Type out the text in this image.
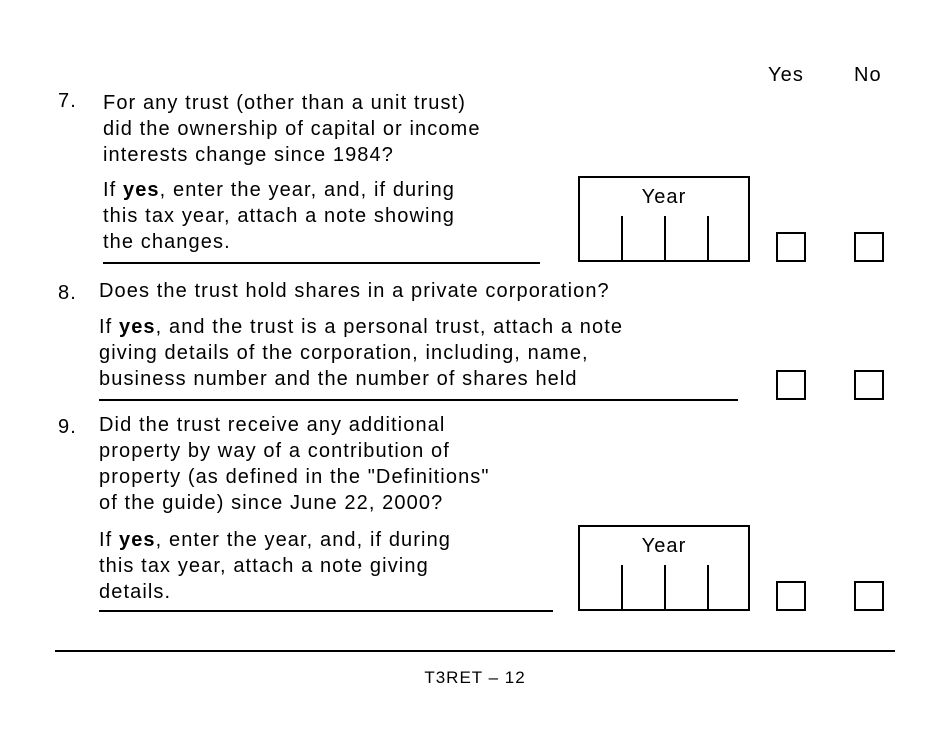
Yes	No
7. For any trust (other than a unit trust)
did the ownership of capital or income
interests change since 1984?
If yes, enter the year, and, if during
this tax year, attach a note showing
the changes.
Year
8. Does the trust hold shares in a private corporation?
If yes, and the trust is a personal trust, attach a note
giving details of the corporation, including, name,
business number and the number of shares held
9. Did the trust receive any additional
property by way of a contribution of
property (as defined in the "Definitions"
of the guide) since June 22, 2000?
If yes, enter the year, and, if during
this tax year, attach a note giving
details.
Year
T3RET – 12
